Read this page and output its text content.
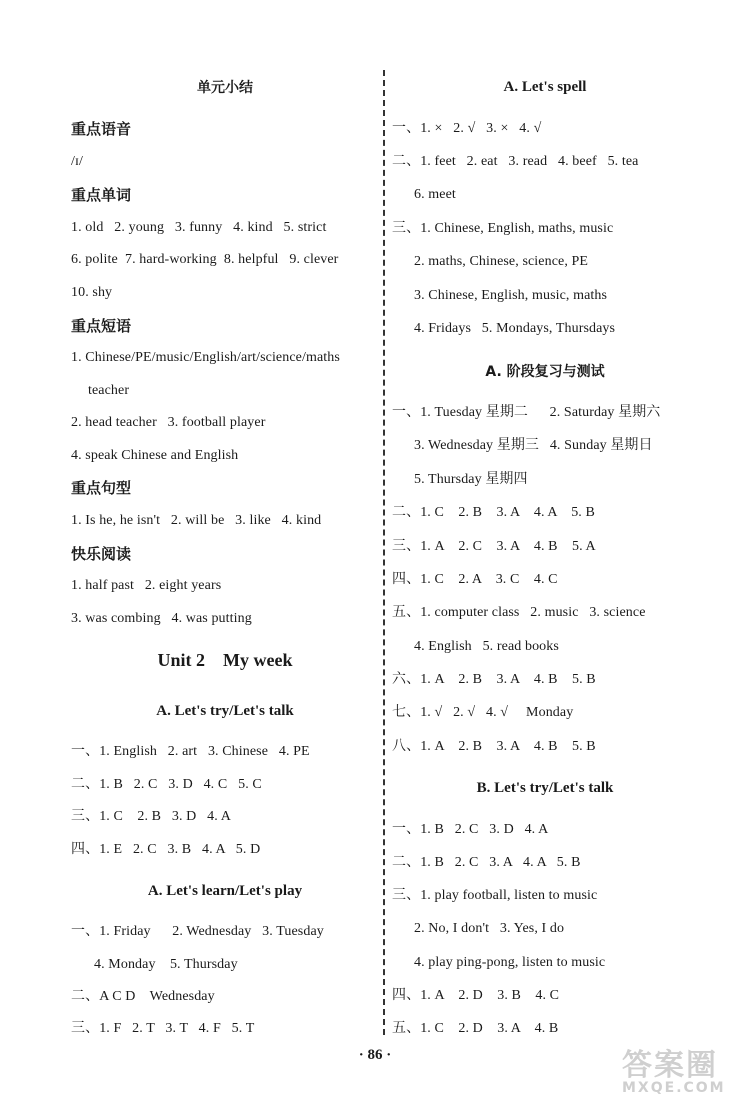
单元小结
重点语音
/ɪ/
重点单词
1. old   2. young   3. funny   4. kind   5. strict
6. polite  7. hard-working  8. helpful   9. clever
10. shy
重点短语
1. Chinese/PE/music/English/art/science/maths
teacher
2. head teacher   3. football player
4. speak Chinese and English
重点句型
1. Is he, he isn't   2. will be   3. like   4. kind
快乐阅读
1. half past   2. eight years
3. was combing   4. was putting
Unit 2    My week
A. Let's try/Let's talk
一、1. English   2. art   3. Chinese   4. PE
二、1. B   2. C   3. D   4. C   5. C
三、1. C    2. B   3. D   4. A
四、1. E   2. C   3. B   4. A   5. D
A. Let's learn/Let's play
一、1. Friday      2. Wednesday   3. Tuesday
4. Monday    5. Thursday
二、A C D    Wednesday
三、1. F   2. T   3. T   4. F   5. T
A. Let's spell
一、1. ×   2. √   3. ×   4. √
二、1. feet   2. eat   3. read   4. beef   5. tea
6. meet
三、1. Chinese, English, maths, music
2. maths, Chinese, science, PE
3. Chinese, English, music, maths
4. Fridays   5. Mondays, Thursdays
A. 阶段复习与测试
一、1. Tuesday 星期二      2. Saturday 星期六
3. Wednesday 星期三   4. Sunday 星期日
5. Thursday 星期四
二、1. C    2. B    3. A    4. A    5. B
三、1. A    2. C    3. A    4. B    5. A
四、1. C    2. A    3. C    4. C
五、1. computer class   2. music   3. science
4. English   5. read books
六、1. A    2. B    3. A    4. B    5. B
七、1. √   2. √   4. √     Monday
八、1. A    2. B    3. A    4. B    5. B
B. Let's try/Let's talk
一、1. B   2. C   3. D   4. A
二、1. B   2. C   3. A   4. A   5. B
三、1. play football, listen to music
2. No, I don't   3. Yes, I do
4. play ping-pong, listen to music
四、1. A    2. D    3. B    4. C
五、1. C    2. D    3. A    4. B
· 86 ·	答案圈
MXQE.COM
